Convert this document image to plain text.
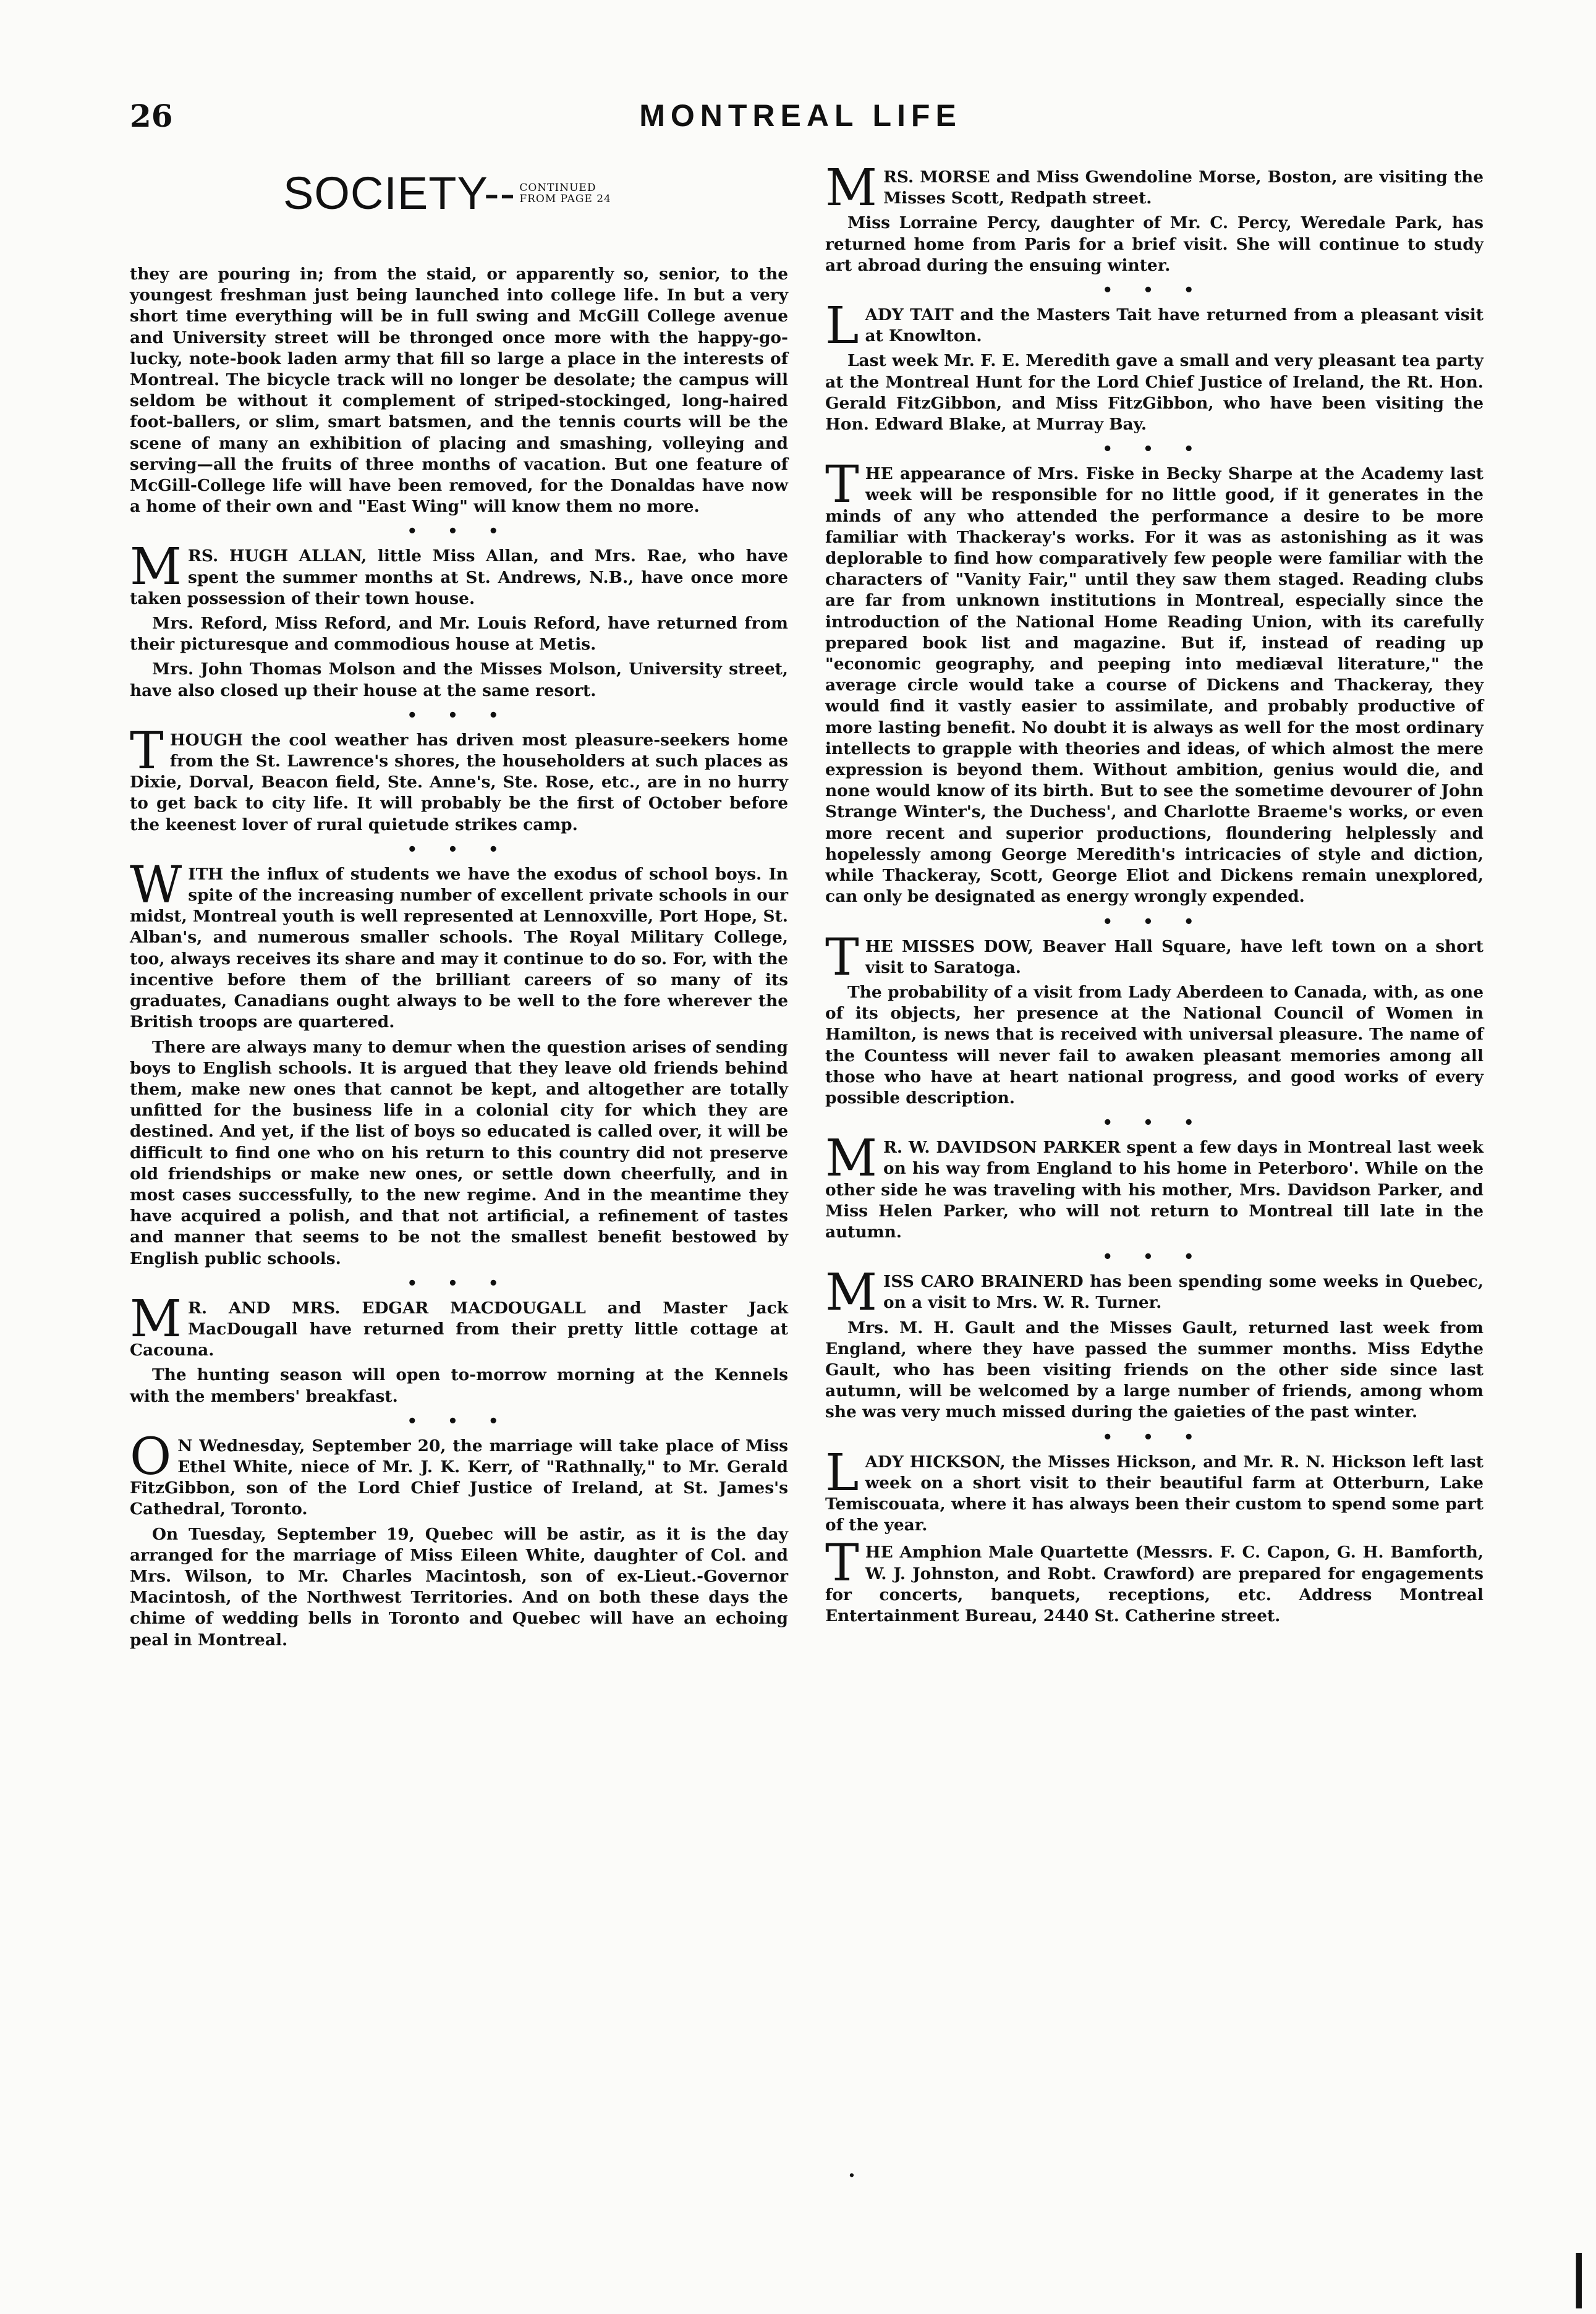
26	MONTREAL LIFE
SOCIETY-- CONTINUED
FROM PAGE 24

they are pouring in; from the staid, or apparently so, senior, to the youngest freshman just being launched into college life. In but a very short time everything will be in full swing and McGill College avenue and University street will be thronged once more with the happy-go-lucky, note-book laden army that fill so large a place in the interests of Montreal. The bicycle track will no longer be desolate; the campus will seldom be without it complement of striped-stockinged, long-haired foot-ballers, or slim, smart batsmen, and the tennis courts will be the scene of many an exhibition of placing and smashing, volleying and serving—all the fruits of three months of vacation. But one feature of McGill-College life will have been removed, for the Donaldas have now a home of their own and "East Wing" will know them no more.

• • •

MRS. HUGH ALLAN, little Miss Allan, and Mrs. Rae, who have spent the summer months at St. Andrews, N.B., have once more taken possession of their town house.

Mrs. Reford, Miss Reford, and Mr. Louis Reford, have returned from their picturesque and commodious house at Metis.

Mrs. John Thomas Molson and the Misses Molson, University street, have also closed up their house at the same resort.

• • •

THOUGH the cool weather has driven most pleasure-seekers home from the St. Lawrence's shores, the householders at such places as Dixie, Dorval, Beacon field, Ste. Anne's, Ste. Rose, etc., are in no hurry to get back to city life. It will probably be the first of October before the keenest lover of rural quietude strikes camp.

• • •

WITH the influx of students we have the exodus of school boys. In spite of the increasing number of excellent private schools in our midst, Montreal youth is well represented at Lennoxville, Port Hope, St. Alban's, and numerous smaller schools. The Royal Military College, too, always receives its share and may it continue to do so. For, with the incentive before them of the brilliant careers of so many of its graduates, Canadians ought always to be well to the fore wherever the British troops are quartered.

There are always many to demur when the question arises of sending boys to English schools. It is argued that they leave old friends behind them, make new ones that cannot be kept, and altogether are totally unfitted for the business life in a colonial city for which they are destined. And yet, if the list of boys so educated is called over, it will be difficult to find one who on his return to this country did not preserve old friendships or make new ones, or settle down cheerfully, and in most cases successfully, to the new regime. And in the meantime they have acquired a polish, and that not artificial, a refinement of tastes and manner that seems to be not the smallest benefit bestowed by English public schools.

• • •

M R. AND MRS. EDGAR MACDOUGALL and Master Jack MacDougall have returned from their pretty little cottage at Cacouna.

The hunting season will open to-morrow morning at the Kennels with the members' breakfast.

• • •

O N Wednesday, September 20, the marriage will take place of Miss Ethel White, niece of Mr. J. K. Kerr, of "Rathnally," to Mr. Gerald FitzGibbon, son of the Lord Chief Justice of Ireland, at St. James's Cathedral, Toronto.

On Tuesday, September 19, Quebec will be astir, as it is the day arranged for the marriage of Miss Eileen White, daughter of Col. and Mrs. Wilson, to Mr. Charles Macintosh, son of ex-Lieut.-Governor Macintosh, of the Northwest Territories. And on both these days the chime of wedding bells in Toronto and Quebec will have an echoing peal in Montreal.

MRS. MORSE and Miss Gwendoline Morse, Boston, are visiting the Misses Scott, Redpath street.

Miss Lorraine Percy, daughter of Mr. C. Percy, Weredale Park, has returned home from Paris for a brief visit. She will continue to study art abroad during the ensuing winter.

• • •

LADY TAIT and the Masters Tait have returned from a pleasant visit at Knowlton.

Last week Mr. F. E. Meredith gave a small and very pleasant tea party at the Montreal Hunt for the Lord Chief Justice of Ireland, the Rt. Hon. Gerald FitzGibbon, and Miss FitzGibbon, who have been visiting the Hon. Edward Blake, at Murray Bay.

• • •

THE appearance of Mrs. Fiske in Becky Sharpe at the Academy last week will be responsible for no little good, if it generates in the minds of any who attended the performance a desire to be more familiar with Thackeray's works. For it was as astonishing as it was deplorable to find how comparatively few people were familiar with the characters of "Vanity Fair," until they saw them staged. Reading clubs are far from unknown institutions in Montreal, especially since the introduction of the National Home Reading Union, with its carefully prepared book list and magazine. But if, instead of reading up "economic geography, and peeping into mediæval literature," the average circle would take a course of Dickens and Thackeray, they would find it vastly easier to assimilate, and probably productive of more lasting benefit. No doubt it is always as well for the most ordinary intellects to grapple with theories and ideas, of which almost the mere expression is beyond them. Without ambition, genius would die, and none would know of its birth. But to see the sometime devourer of John Strange Winter's, the Duchess', and Charlotte Braeme's works, or even more recent and superior productions, floundering helplessly and hopelessly among George Meredith's intricacies of style and diction, while Thackeray, Scott, George Eliot and Dickens remain unexplored, can only be designated as energy wrongly expended.

• • •

THE MISSES DOW, Beaver Hall Square, have left town on a short visit to Saratoga.

The probability of a visit from Lady Aberdeen to Canada, with, as one of its objects, her presence at the National Council of Women in Hamilton, is news that is received with universal pleasure. The name of the Countess will never fail to awaken pleasant memories among all those who have at heart national progress, and good works of every possible description.

• • •

M R. W. DAVIDSON PARKER spent a few days in Montreal last week on his way from England to his home in Peterboro'. While on the other side he was traveling with his mother, Mrs. Davidson Parker, and Miss Helen Parker, who will not return to Montreal till late in the autumn.

• • •

MISS CARO BRAINERD has been spending some weeks in Quebec, on a visit to Mrs. W. R. Turner.

Mrs. M. H. Gault and the Misses Gault, returned last week from England, where they have passed the summer months. Miss Edythe Gault, who has been visiting friends on the other side since last autumn, will be welcomed by a large number of friends, among whom she was very much missed during the gaieties of the past winter.

• • •

LADY HICKSON, the Misses Hickson, and Mr. R. N. Hickson left last week on a short visit to their beautiful farm at Otterburn, Lake Temiscouata, where it has always been their custom to spend some part of the year.

THE Amphion Male Quartette (Messrs. F. C. Capon, G. H. Bamforth, W. J. Johnston, and Robt. Crawford) are prepared for engagements for concerts, banquets, receptions, etc. Address Montreal Entertainment Bureau, 2440 St. Catherine street.

·
|
